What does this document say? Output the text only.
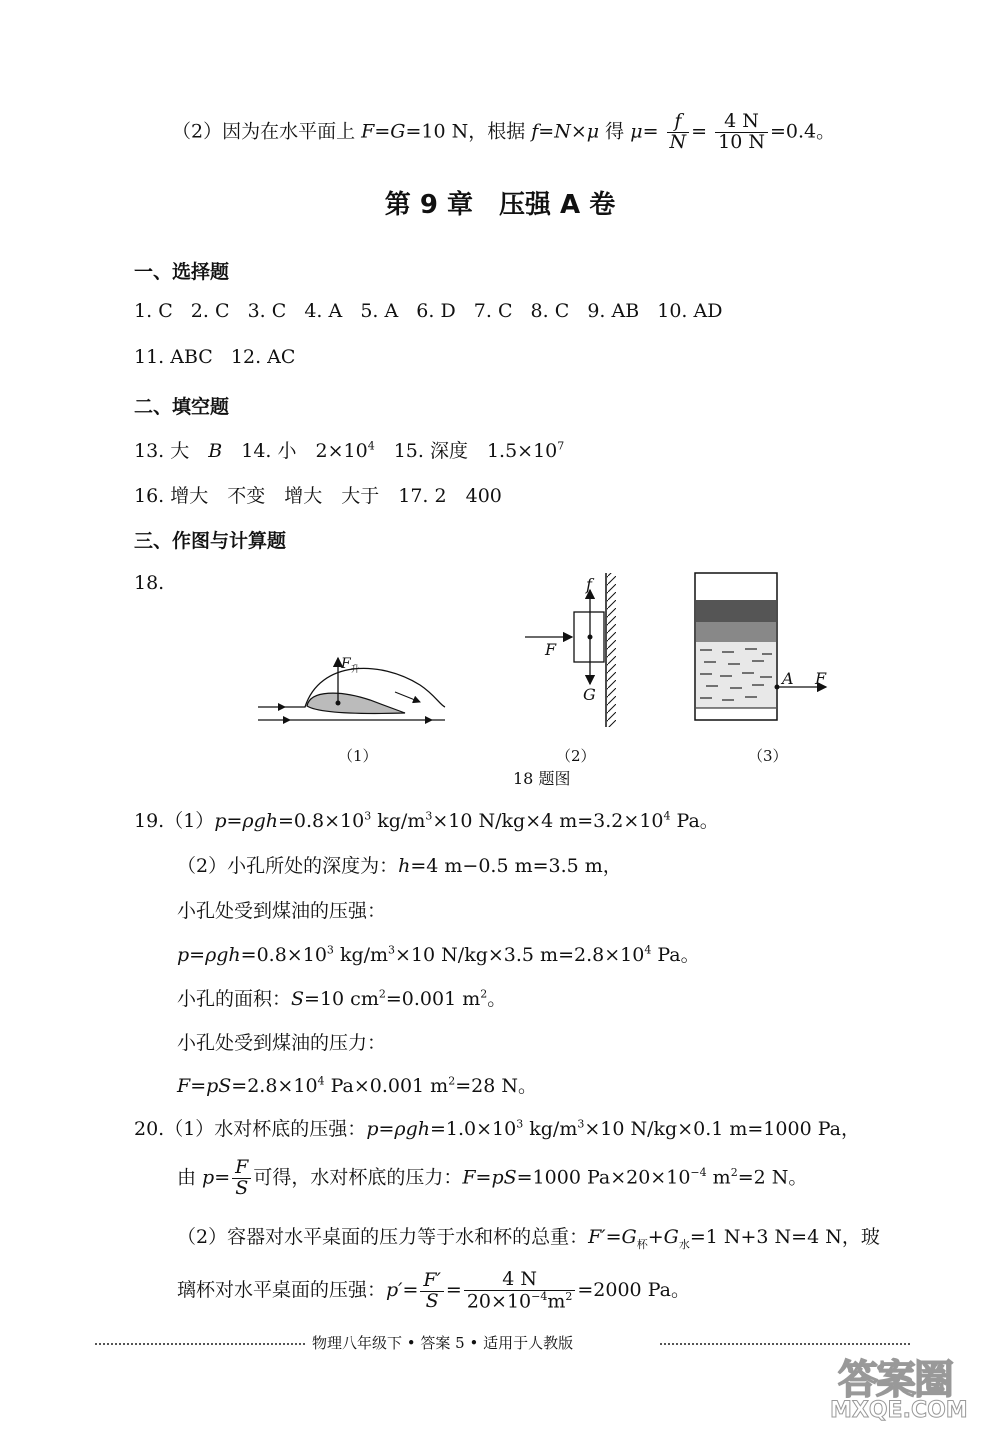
（2）因为在水平面上 F=G=10 N，根据 f=N×μ 得 $\mu= \frac{f}{N} = \frac{4 N}{10 N} =0.4$。
第 9 章　压强 A 卷
一、选择题
1. C 2. C 3. C 4. A 5. A 6. D 7. C 8. C 9. AB 10. AD
11. ABC 12. AC
二、填空题
13. 大　B　14. 小　$2\times 10^4$　15. 深度　$1.5\times 10^7$
16. 增大　不变　增大　大于　17. 2　400
三、作图与计算题
18.
$F_升$
（1）
f
F
G
（2）
A F
（3）
18 题图
$19.(1)p=\rho gh=0.8\times 10^3$ $kg/m^3\times 10$ N/kg×4 $m=3.2\times 10^4$ Pa。
（2）小孔所处的深度为：h=4 m−0.5 m=3.5 m，
小孔处受到煤油的压强：
$p=\rho gh=0.8\times 10^3$ $kg/m^3\times 10$ N/kg×3.5 $m=2.8\times 10^4$ Pa。
小孔的面积：S=10 $cm^2=0.001$ $m^2$。
小孔处受到煤油的压力：
$F=pS=2.8\times 10^4$ Pa×0.001 $m^2=28$ N。
20.（1）水对杯底的压强：$p=\rho gh=1.0\times 10^3$ $kg/m^3\times 10$ N/kg×0.1 m=1000 Pa，
由 $p= \frac{F}{S}$ 可得，水对杯底的压力：F=pS=1000 $Pa\times 20\times 10^{-4}$ $m^2=2$ N。
（2）容器对水平桌面的压力等于水和杯的总重：$F'=G_杯+G_水=1$ N+3 N=4 N，玻
璃杯对水平桌面的压强：$p'= \frac{F'}{S} = \frac{4 N}{20\times 10^{-4}m^2} =2000$ Pa。
物理八年级下 • 答案 5 • 适用于人教版
答案圈
MXQE.COM
